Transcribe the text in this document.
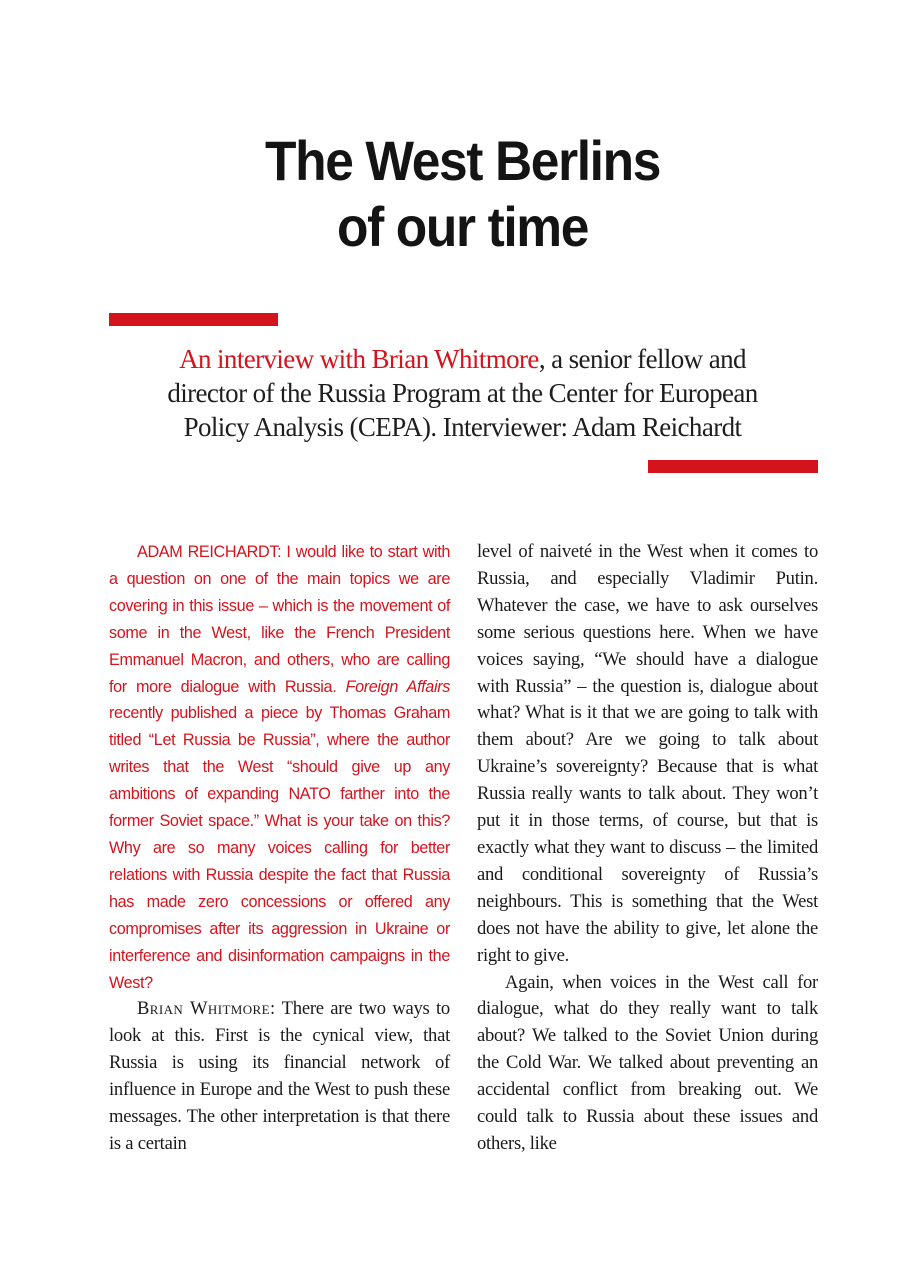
The West Berlins
of our time

An interview with Brian Whitmore, a senior fellow and director of the Russia Program at the Center for European Policy Analysis (CEPA). Interviewer: Adam Reichardt

ADAM REICHARDT: I would like to start with a question on one of the main topics we are covering in this issue – which is the movement of some in the West, like the French President Emmanuel Macron, and others, who are calling for more dialogue with Russia. Foreign Affairs recently published a piece by Thomas Graham titled “Let Russia be Russia”, where the author writes that the West “should give up any ambitions of expanding NATO farther into the former Soviet space.” What is your take on this? Why are so many voices calling for better relations with Russia despite the fact that Russia has made zero concessions or offered any compromises after its aggression in Ukraine or interference and disinformation campaigns in the West?

Brian Whitmore: There are two ways to look at this. First is the cynical view, that Russia is using its financial network of influence in Europe and the West to push these messages. The other interpretation is that there is a certain

level of naiveté in the West when it comes to Russia, and especially Vladimir Putin. Whatever the case, we have to ask ourselves some serious questions here. When we have voices saying, “We should have a dialogue with Russia” – the question is, dialogue about what? What is it that we are going to talk with them about? Are we going to talk about Ukraine’s sovereignty? Because that is what Russia really wants to talk about. They won’t put it in those terms, of course, but that is exactly what they want to discuss – the limited and conditional sovereignty of Russia’s neighbours. This is something that the West does not have the ability to give, let alone the right to give.

Again, when voices in the West call for dialogue, what do they really want to talk about? We talked to the Soviet Union during the Cold War. We talked about preventing an accidental conflict from breaking out. We could talk to Russia about these issues and others, like
